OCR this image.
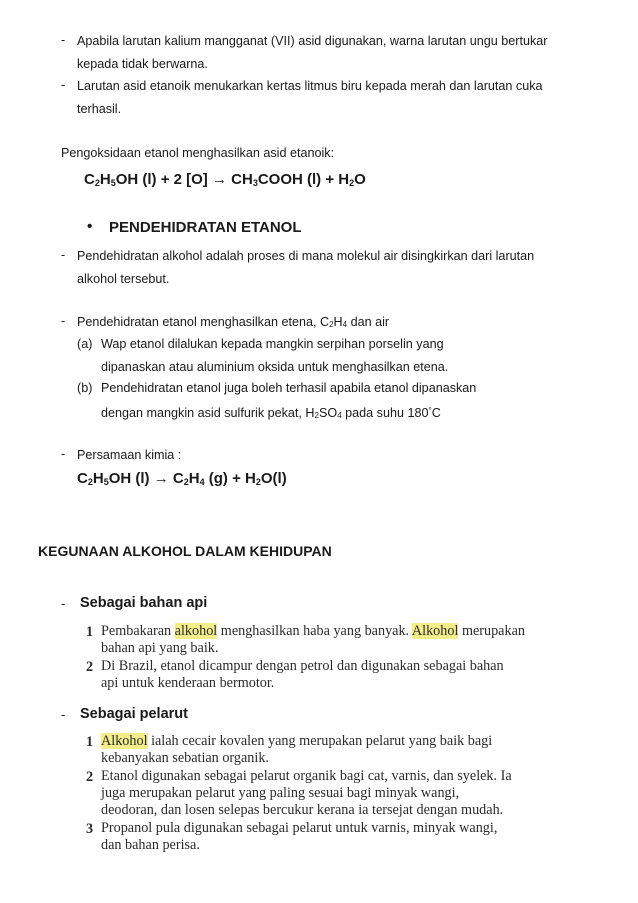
- Apabila larutan kalium mangganat (VII) asid digunakan, warna larutan ungu bertukar
kepada tidak berwarna.
- Larutan asid etanoik menukarkan kertas litmus biru kepada merah dan larutan cuka
terhasil.
Pengoksidaan etanol menghasilkan asid etanoik:
$C_2H_5OH$ (l) + 2 $[O] \to CH_3COOH$ $(l) + H_2O$
• PENDEHIDRATAN ETANOL
- Pendehidratan alkohol adalah proses di mana molekul air disingkirkan dari larutan
alkohol tersebut.
- Pendehidratan etanol menghasilkan etena, $C_2H_4$ dan air
(a) Wap etanol dilalukan kepada mangkin serpihan porselin yang
dipanaskan atau aluminium oksida untuk menghasilkan etena.
(b) Pendehidratan etanol juga boleh terhasil apabila etanol dipanaskan
dengan mangkin asid sulfurik pekat, $H_2SO_4$ pada suhu 180°C
- Persamaan kimia :
$C_2H_5OH$ $(l) \to C_2H_4$ $(g) + H_2O(l)$
KEGUNAAN ALKOHOL DALAM KEHIDUPAN
- Sebagai bahan api
1 Pembakaran alkohol menghasilkan haba yang banyak. Alkohol merupakan
bahan api yang baik.
2 Di Brazil, etanol dicampur dengan petrol dan digunakan sebagai bahan
api untuk kenderaan bermotor.
- Sebagai pelarut
1 Alkohol ialah cecair kovalen yang merupakan pelarut yang baik bagi
kebanyakan sebatian organik.
2 Etanol digunakan sebagai pelarut organik bagi cat, varnis, dan syelek. Ia
juga merupakan pelarut yang paling sesuai bagi minyak wangi,
deodoran, dan losen selepas bercukur kerana ia tersejat dengan mudah.
3 Propanol pula digunakan sebagai pelarut untuk varnis, minyak wangi,
dan bahan perisa.
